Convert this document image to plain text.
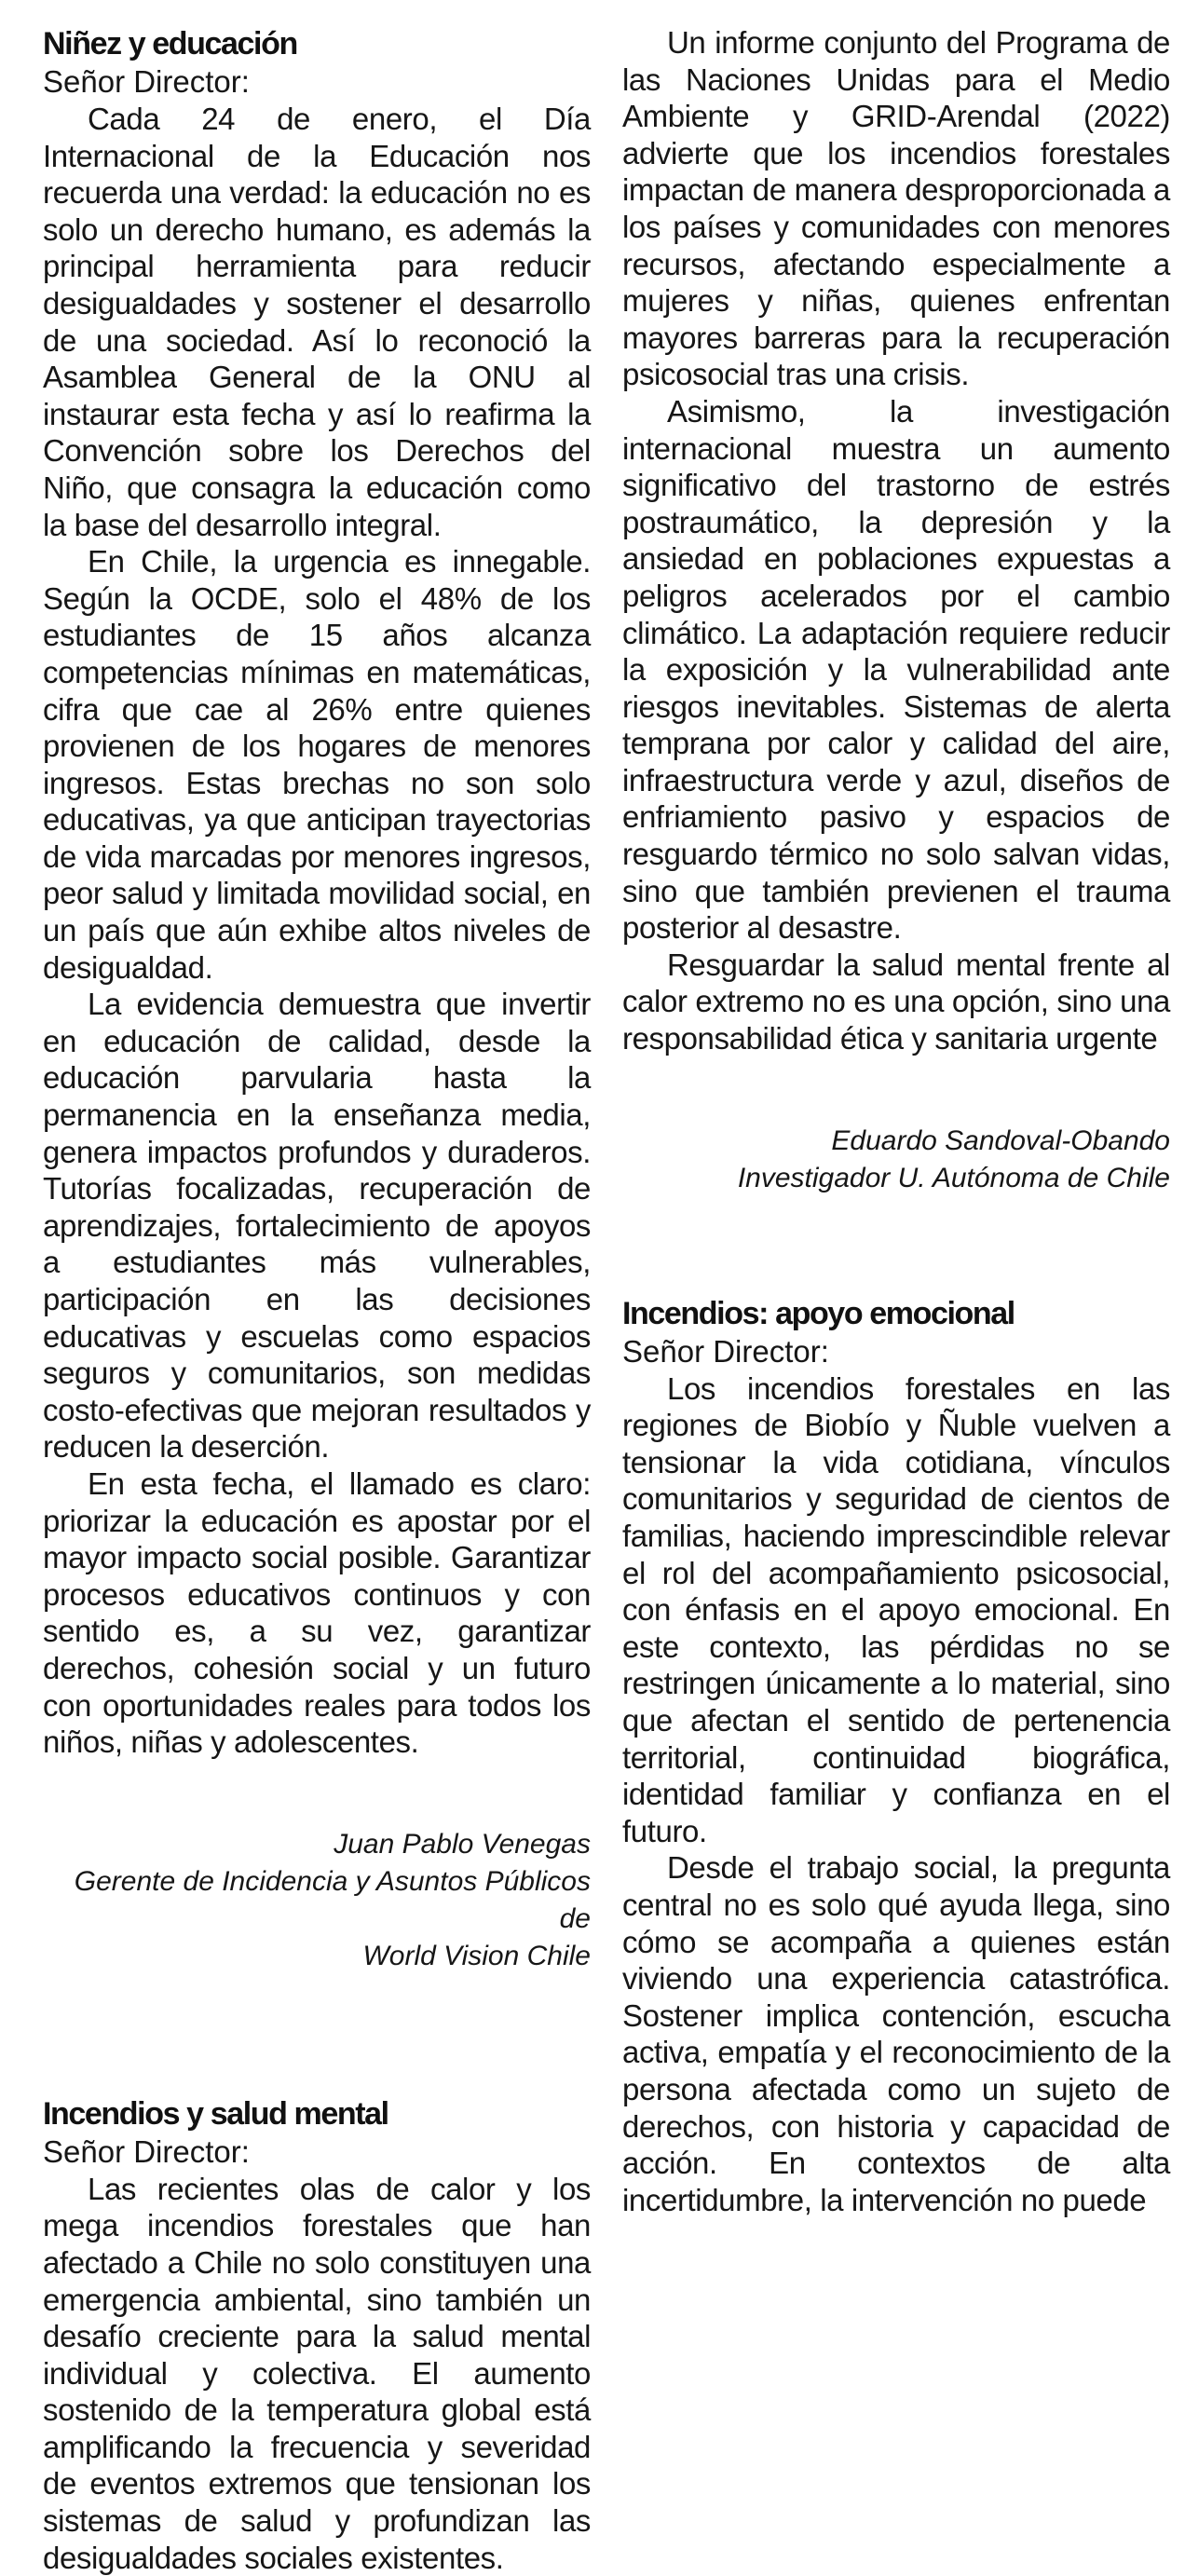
Niñez y educación
Señor Director:

Cada 24 de enero, el Día Internacional de la Educación nos recuerda una verdad: la educación no es solo un derecho humano, es además la principal herramienta para reducir desigualdades y sostener el desarrollo de una sociedad. Así lo reconoció la Asamblea General de la ONU al instaurar esta fecha y así lo reafirma la Convención sobre los Derechos del Niño, que consagra la educación como la base del desarrollo integral.

En Chile, la urgencia es innegable. Según la OCDE, solo el 48% de los estudiantes de 15 años alcanza competencias mínimas en matemáticas, cifra que cae al 26% entre quienes provienen de los hogares de menores ingresos. Estas brechas no son solo educativas, ya que anticipan trayectorias de vida marcadas por menores ingresos, peor salud y limitada movilidad social, en un país que aún exhibe altos niveles de desigualdad.

La evidencia demuestra que invertir en educación de calidad, desde la educación parvularia hasta la permanencia en la enseñanza media, genera impactos profundos y duraderos. Tutorías focalizadas, recuperación de aprendizajes, fortalecimiento de apoyos a estudiantes más vulnerables, participación en las decisiones educativas y escuelas como espacios seguros y comunitarios, son medidas costo-efectivas que mejoran resultados y reducen la deserción.

En esta fecha, el llamado es claro: priorizar la educación es apostar por el mayor impacto social posible. Garantizar procesos educativos continuos y con sentido es, a su vez, garantizar derechos, cohesión social y un futuro con oportunidades reales para todos los niños, niñas y adolescentes.

Juan Pablo Venegas
Gerente de Incidencia y Asuntos Públicos de
World Vision Chile
Incendios y salud mental
Señor Director:

Las recientes olas de calor y los mega incendios forestales que han afectado a Chile no solo constituyen una emergencia ambiental, sino también un desafío creciente para la salud mental individual y colectiva. El aumento sostenido de la temperatura global está amplificando la frecuencia y severidad de eventos extremos que tensionan los sistemas de salud y profundizan las desigualdades sociales existentes.

Un informe conjunto del Programa de las Naciones Unidas para el Medio Ambiente y GRID-Arendal (2022) advierte que los incendios forestales impactan de manera desproporcionada a los países y comunidades con menores recursos, afectando especialmente a mujeres y niñas, quienes enfrentan mayores barreras para la recuperación psicosocial tras una crisis.

Asimismo, la investigación internacional muestra un aumento significativo del trastorno de estrés postraumático, la depresión y la ansiedad en poblaciones expuestas a peligros acelerados por el cambio climático. La adaptación requiere reducir la exposición y la vulnerabilidad ante riesgos inevitables. Sistemas de alerta temprana por calor y calidad del aire, infraestructura verde y azul, diseños de enfriamiento pasivo y espacios de resguardo térmico no solo salvan vidas, sino que también previenen el trauma posterior al desastre.

Resguardar la salud mental frente al calor extremo no es una opción, sino una responsabilidad ética y sanitaria urgente

Eduardo Sandoval-Obando
Investigador U. Autónoma de Chile
Incendios: apoyo emocional
Señor Director:

Los incendios forestales en las regiones de Biobío y Ñuble vuelven a tensionar la vida cotidiana, vínculos comunitarios y seguridad de cientos de familias, haciendo imprescindible relevar el rol del acompañamiento psicosocial, con énfasis en el apoyo emocional. En este contexto, las pérdidas no se restringen únicamente a lo material, sino que afectan el sentido de pertenencia territorial, continuidad biográfica, identidad familiar y confianza en el futuro.

Desde el trabajo social, la pregunta central no es solo qué ayuda llega, sino cómo se acompaña a quienes están viviendo una experiencia catastrófica. Sostener implica contención, escucha activa, empatía y el reconocimiento de la persona afectada como un sujeto de derechos, con historia y capacidad de acción. En contextos de alta incertidumbre, la intervención no puede
